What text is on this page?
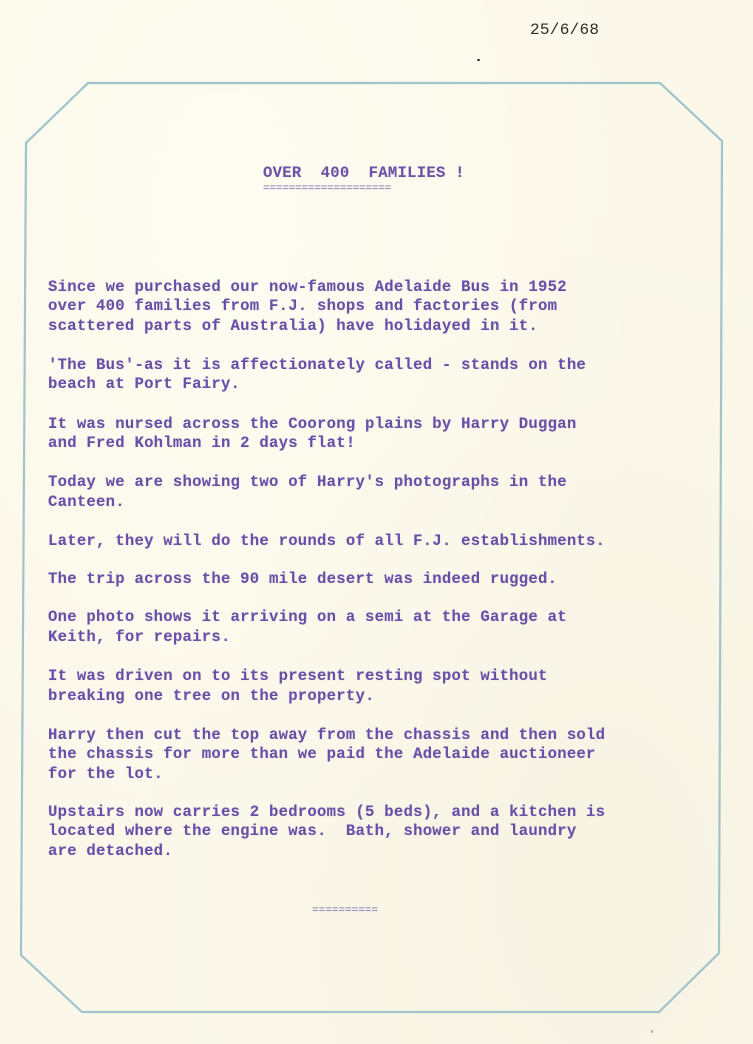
25/6/68

OVER  400  FAMILIES !

====================

Since we purchased our now-famous Adelaide Bus in 1952

over 400 families from F.J. shops and factories (from

scattered parts of Australia) have holidayed in it.

'The Bus'-as it is affectionately called - stands on the

beach at Port Fairy.

It was nursed across the Coorong plains by Harry Duggan

and Fred Kohlman in 2 days flat!

Today we are showing two of Harry's photographs in the

Canteen.

Later, they will do the rounds of all F.J. establishments.

The trip across the 90 mile desert was indeed rugged.

One photo shows it arriving on a semi at the Garage at

Keith, for repairs.

It was driven on to its present resting spot without

breaking one tree on the property.

Harry then cut the top away from the chassis and then sold

the chassis for more than we paid the Adelaide auctioneer

for the lot.

Upstairs now carries 2 bedrooms (5 beds), and a kitchen is

located where the engine was.  Bath, shower and laundry

are detached.

==========
